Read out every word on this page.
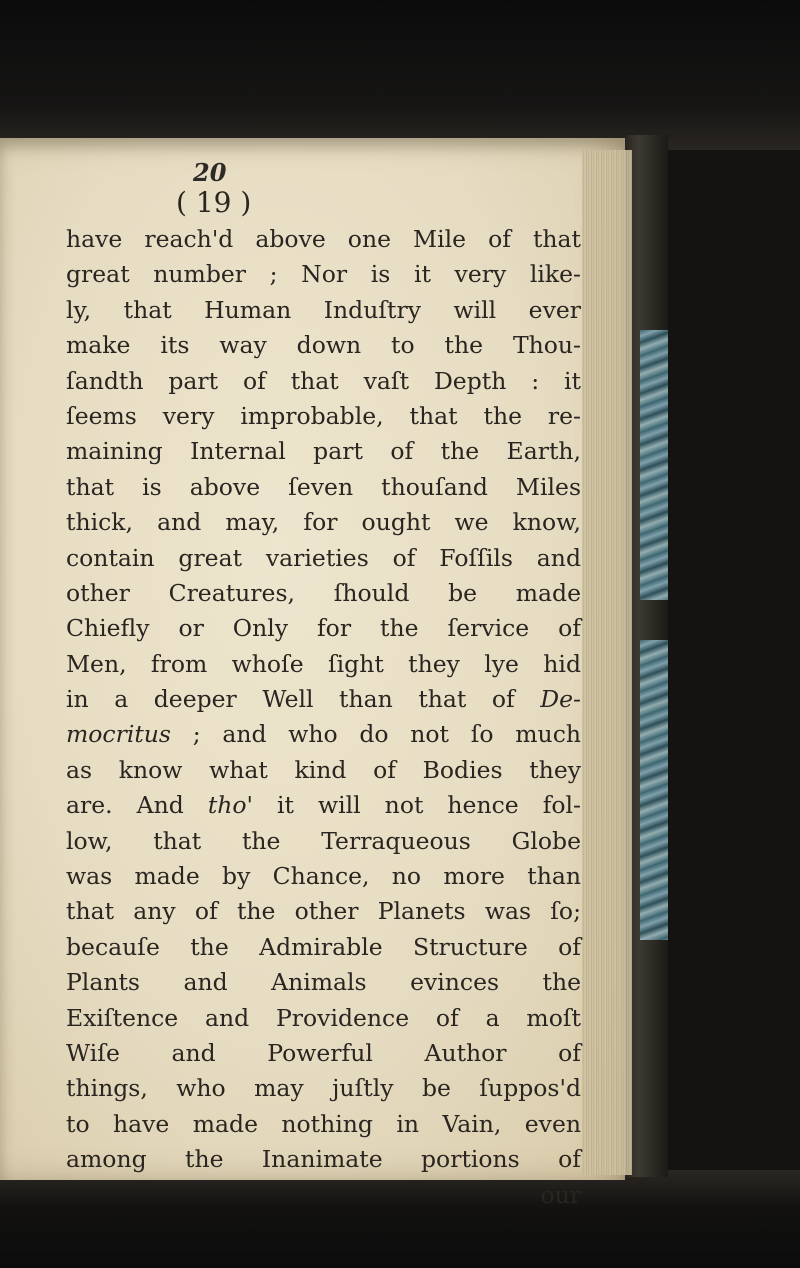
20
( 19 )
have reach'd above one Mile of that
great number ; Nor is it very like-
ly, that Human Induſtry will ever
make its way down to the Thou-
ſandth part of that vaſt Depth : it
ſeems very improbable, that the re-
maining Internal part of the Earth,
that is above ſeven thouſand Miles
thick, and may, for ought we know,
contain great varieties of Foſſils and
other Creatures, ſhould be made
Chiefly or Only for the ſervice of
Men, from whoſe ſight they lye hid
in a deeper Well than that of De-
mocritus ; and who do not ſo much
as know what kind of Bodies they
are. And tho' it will not hence fol-
low, that the Terraqueous Globe
was made by Chance, no more than
that any of the other Planets was ſo;
becauſe the Admirable Structure of
Plants and Animals evinces the
Exiſtence and Providence of a moſt
Wiſe and Powerful Author of
things, who may juſtly be ſuppos'd
to have made nothing in Vain, even
among the Inanimate portions of
our
